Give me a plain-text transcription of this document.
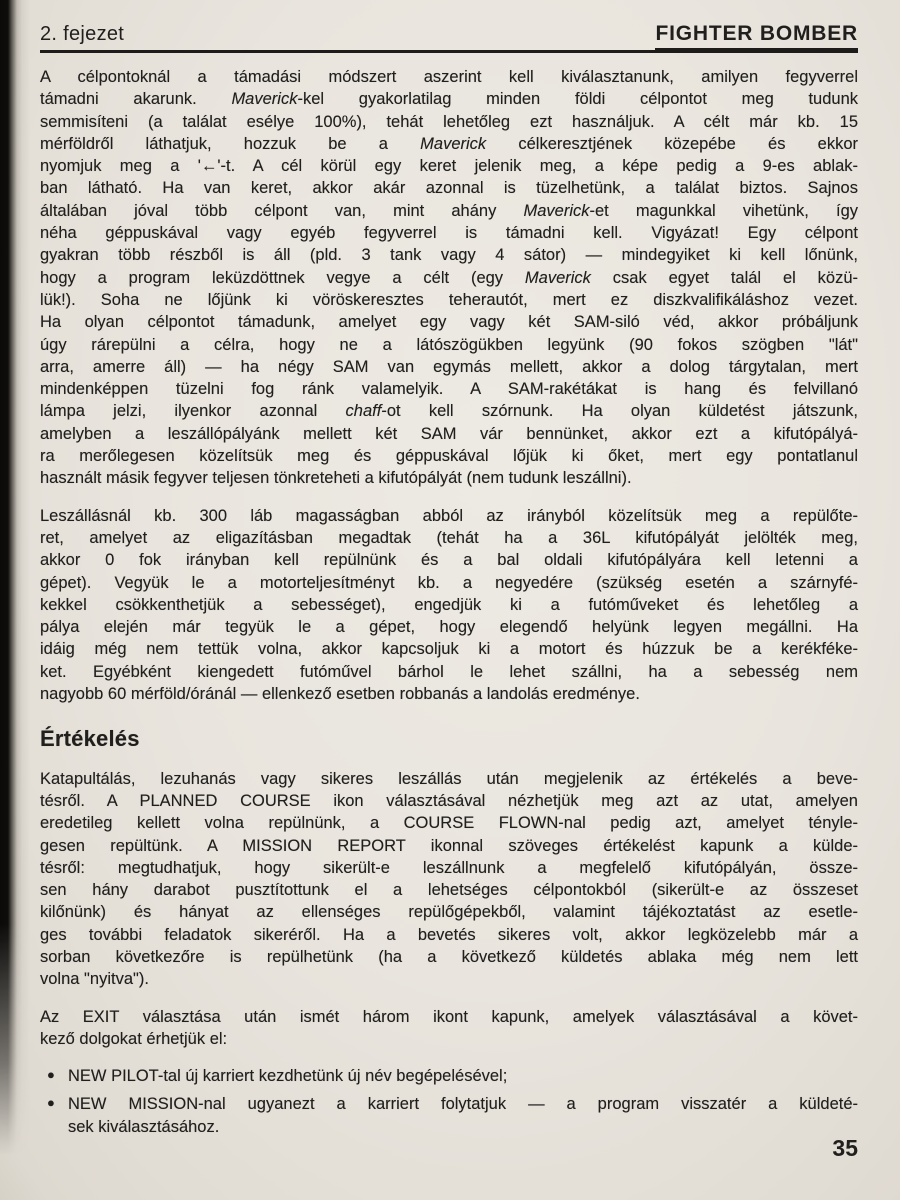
2. fejezet	FIGHTER BOMBER
A célpontoknál a támadási módszert aszerint kell kiválasztanunk, amilyen fegyverrel
támadni akarunk. Maverick-kel gyakorlatilag minden földi célpontot meg tudunk
semmisíteni (a találat esélye 100%), tehát lehetőleg ezt használjuk. A célt már kb. 15
mérföldről láthatjuk, hozzuk be a Maverick célkeresztjének közepébe és ekkor
nyomjuk meg a '←'-t. A cél körül egy keret jelenik meg, a képe pedig a 9-es ablak-
ban látható. Ha van keret, akkor akár azonnal is tüzelhetünk, a találat biztos. Sajnos
általában jóval több célpont van, mint ahány Maverick-et magunkkal vihetünk, így
néha géppuskával vagy egyéb fegyverrel is támadni kell. Vigyázat! Egy célpont
gyakran több részből is áll (pld. 3 tank vagy 4 sátor) — mindegyiket ki kell lőnünk,
hogy a program leküzdöttnek vegye a célt (egy Maverick csak egyet talál el közü-
lük!). Soha ne lőjünk ki vöröskeresztes teherautót, mert ez diszkvalifikáláshoz vezet.
Ha olyan célpontot támadunk, amelyet egy vagy két SAM-siló véd, akkor próbáljunk
úgy rárepülni a célra, hogy ne a látószögükben legyünk (90 fokos szögben "lát"
arra, amerre áll) — ha négy SAM van egymás mellett, akkor a dolog tárgytalan, mert
mindenképpen tüzelni fog ránk valamelyik. A SAM-rakétákat is hang és felvillanó
lámpa jelzi, ilyenkor azonnal chaff-ot kell szórnunk. Ha olyan küldetést játszunk,
amelyben a leszállópályánk mellett két SAM vár bennünket, akkor ezt a kifutópályá-
ra merőlegesen közelítsük meg és géppuskával lőjük ki őket, mert egy pontatlanul
használt másik fegyver teljesen tönkreteheti a kifutópályát (nem tudunk leszállni).
Leszállásnál kb. 300 láb magasságban abból az irányból közelítsük meg a repülőte-
ret, amelyet az eligazításban megadtak (tehát ha a 36L kifutópályát jelölték meg,
akkor 0 fok irányban kell repülnünk és a bal oldali kifutópályára kell letenni a
gépet). Vegyük le a motorteljesítményt kb. a negyedére (szükség esetén a szárnyfé-
kekkel csökkenthetjük a sebességet), engedjük ki a futóműveket és lehetőleg a
pálya elején már tegyük le a gépet, hogy elegendő helyünk legyen megállni. Ha
idáig még nem tettük volna, akkor kapcsoljuk ki a motort és húzzuk be a kerékféke-
ket. Egyébként kiengedett futóművel bárhol le lehet szállni, ha a sebesség nem
nagyobb 60 mérföld/óránál — ellenkező esetben robbanás a landolás eredménye.
Értékelés
Katapultálás, lezuhanás vagy sikeres leszállás után megjelenik az értékelés a beve-
tésről. A PLANNED COURSE ikon választásával nézhetjük meg azt az utat, amelyen
eredetileg kellett volna repülnünk, a COURSE FLOWN-nal pedig azt, amelyet tényle-
gesen repültünk. A MISSION REPORT ikonnal szöveges értékelést kapunk a külde-
tésről: megtudhatjuk, hogy sikerült-e leszállnunk a megfelelő kifutópályán, össze-
sen hány darabot pusztítottunk el a lehetséges célpontokból (sikerült-e az összeset
kilőnünk) és hányat az ellenséges repülőgépekből, valamint tájékoztatást az esetle-
ges további feladatok sikeréről. Ha a bevetés sikeres volt, akkor legközelebb már a
sorban következőre is repülhetünk (ha a következő küldetés ablaka még nem lett
volna "nyitva").
Az EXIT választása után ismét három ikont kapunk, amelyek választásával a követ-
kező dolgokat érhetjük el:
● NEW PILOT-tal új karriert kezdhetünk új név begépelésével;
● NEW MISSION-nal ugyanezt a karriert folytatjuk — a program visszatér a küldeté-
sek kiválasztásához.
35
